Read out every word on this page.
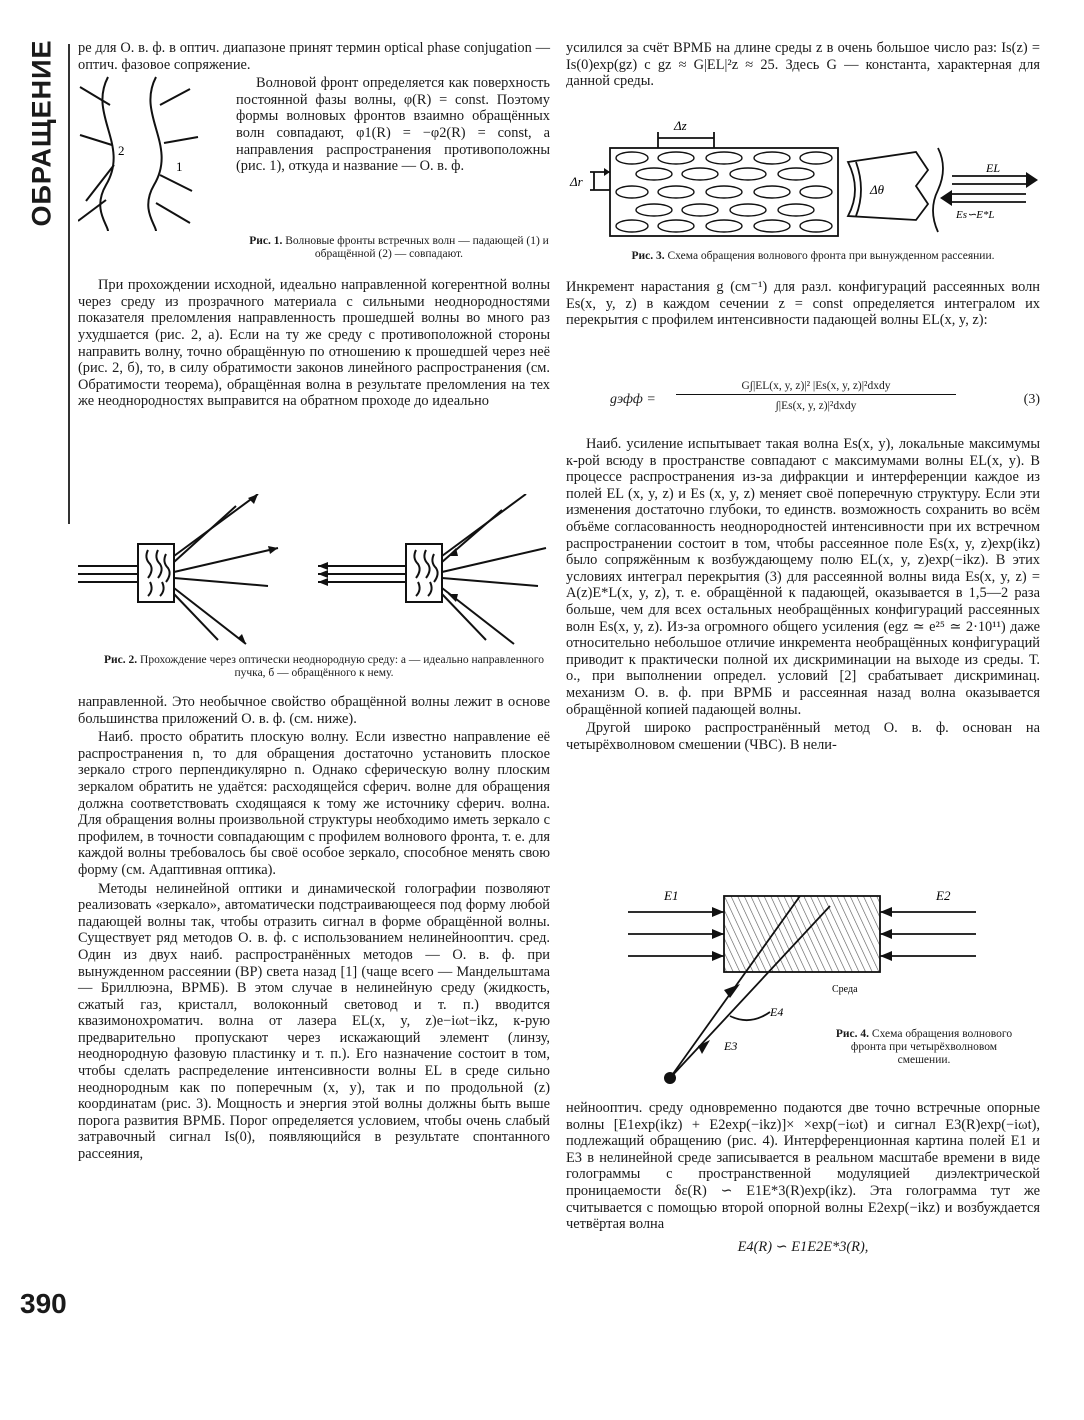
ОБРАЩЕНИЕ
390

ре для О. в. ф. в оптич. диапазоне принят термин optical phase conjugation — оптич. фазовое сопряжение.

2
1

Волновой фронт определяется как поверхность постоянной фазы волны, φ(R) = const. Поэтому формы волновых фронтов взаимно обращённых волн совпадают, φ1(R) = −φ2(R) = const, а направления распространения противоположны (рис. 1), откуда и название — О. в. ф.

Рис. 1. Волновые фронты встречных волн — падающей (1) и обращённой (2) — совпадают.

При прохождении исходной, идеально направленной когерентной волны через среду из прозрачного материала с сильными неоднородностями показателя преломления направленность прошедшей волны во много раз ухудшается (рис. 2, а). Если на ту же среду с противоположной стороны направить волну, точно обращённую по отношению к прошедшей через неё (рис. 2, б), то, в силу обратимости законов линейного распространения (см. Обратимости теорема), обращённая волна в результате преломления на тех же неоднородностях выправится на обратном проходе до идеально

Рис. 2. Прохождение через оптически неоднородную среду: а — идеально направленного пучка, б — обращённого к нему.

направленной. Это необычное свойство обращённой волны лежит в основе большинства приложений О. в. ф. (см. ниже).

Наиб. просто обратить плоскую волну. Если известно направление её распространения n, то для обращения достаточно установить плоское зеркало строго перпендикулярно n. Однако сферическую волну плоским зеркалом обратить не удаётся: расходящейся сферич. волне для обращения должна соответствовать сходящаяся к тому же источнику сферич. волна. Для обращения волны произвольной структуры необходимо иметь зеркало с профилем, в точности совпадающим с профилем волнового фронта, т. е. для каждой волны требовалось бы своё особое зеркало, способное менять свою форму (см. Адаптивная оптика).

Методы нелинейной оптики и динамической голографии позволяют реализовать «зеркало», автоматически подстраивающееся под форму любой падающей волны так, чтобы отразить сигнал в форме обращённой волны. Существует ряд методов О. в. ф. с использованием нелинейнооптич. сред. Один из двух наиб. распространённых методов — О. в. ф. при вынужденном рассеянии (ВР) света назад [1] (чаще всего — Мандельштама — Бриллюэна, ВРМБ). В этом случае в нелинейную среду (жидкость, сжатый газ, кристалл, волоконный световод и т. п.) вводится квазимонохроматич. волна от лазера EL(x, y, z)e−iωt−ikz, к-рую предварительно пропускают через искажающий элемент (линзу, неоднородную фазовую пластинку и т. п.). Его назначение состоит в том, чтобы сделать распределение интенсивности волны EL в среде сильно неоднородным как по поперечным (x, y), так и по продольной (z) координатам (рис. 3). Мощность и энергия этой волны должны быть выше порога развития ВРМБ. Порог определяется условием, чтобы очень слабый затравочный сигнал Is(0), появляющийся в результате спонтанного рассеяния,

усилился за счёт ВРМБ на длине среды z в очень большое число раз: Is(z) = Is(0)exp(gz) с gz ≈ G|EL|²z ≈ 25. Здесь G — константа, характерная для данной среды.

Δz
Δr
Δθ
EL
Es∽E*L

Рис. 3. Схема обращения волнового фронта при вынужденном рассеянии.

Инкремент нарастания g (см⁻¹) для разл. конфигураций рассеянных волн Es(x, y, z) в каждом сечении z = const определяется интегралом их перекрытия с профилем интенсивности падающей волны EL(x, y, z):

gэфф =
G∫|EL(x, y, z)|² |Es(x, y, z)|²dxdy
∫|Es(x, y, z)|²dxdy	(3)

Наиб. усиление испытывает такая волна Es(x, y), локальные максимумы к-рой всюду в пространстве совпадают с максимумами волны EL(x, y). В процессе распространения из-за дифракции и интерференции каждое из полей EL (x, y, z) и Es (x, y, z) меняет своё поперечную структуру. Если эти изменения достаточно глубоки, то единств. возможность сохранить во всём объёме согласованность неоднородностей интенсивности при их встречном распространении состоит в том, чтобы рассеянное поле Es(x, y, z)exp(ikz) было сопряжённым к возбуждающему полю EL(x, y, z)exp(−ikz). В этих условиях интеграл перекрытия (3) для рассеянной волны вида Es(x, y, z) = A(z)E*L(x, y, z), т. е. обращённой к падающей, оказывается в 1,5—2 раза больше, чем для всех остальных необращённых конфигураций рассеянных волн Es(x, y, z). Из-за огромного общего усиления (egz ≃ e²⁵ ≃ 2·10¹¹) даже относительно небольшое отличие инкремента необращённых конфигураций приводит к практически полной их дискриминации на выходе из среды. Т. о., при выполнении определ. условий [2] срабатывает дискриминац. механизм О. в. ф. при ВРМБ и рассеянная назад волна оказывается обращённой копией падающей волны.

Другой широко распространённый метод О. в. ф. основан на четырёхволновом смешении (ЧВС). В нели-

E1	E2
E3
E4
Среда

Рис. 4. Схема обращения волнового фронта при четырёхволновом смешении.

нейнооптич. среду одновременно подаются две точно встречные опорные волны [E1exp(ikz) + E2exp(−ikz)]× ×exp(−iωt) и сигнал E3(R)exp(−iωt), подлежащий обращению (рис. 4). Интерференционная картина полей E1 и E3 в нелинейной среде записывается в реальном масштабе времени в виде голограммы с пространственной модуляцией диэлектрической проницаемости δε(R) ∽ E1E*3(R)exp(ikz). Эта голограмма тут же считывается с помощью второй опорной волны E2exp(−ikz) и возбуждается четвёртая волна

E4(R) ∽ E1E2E*3(R),
